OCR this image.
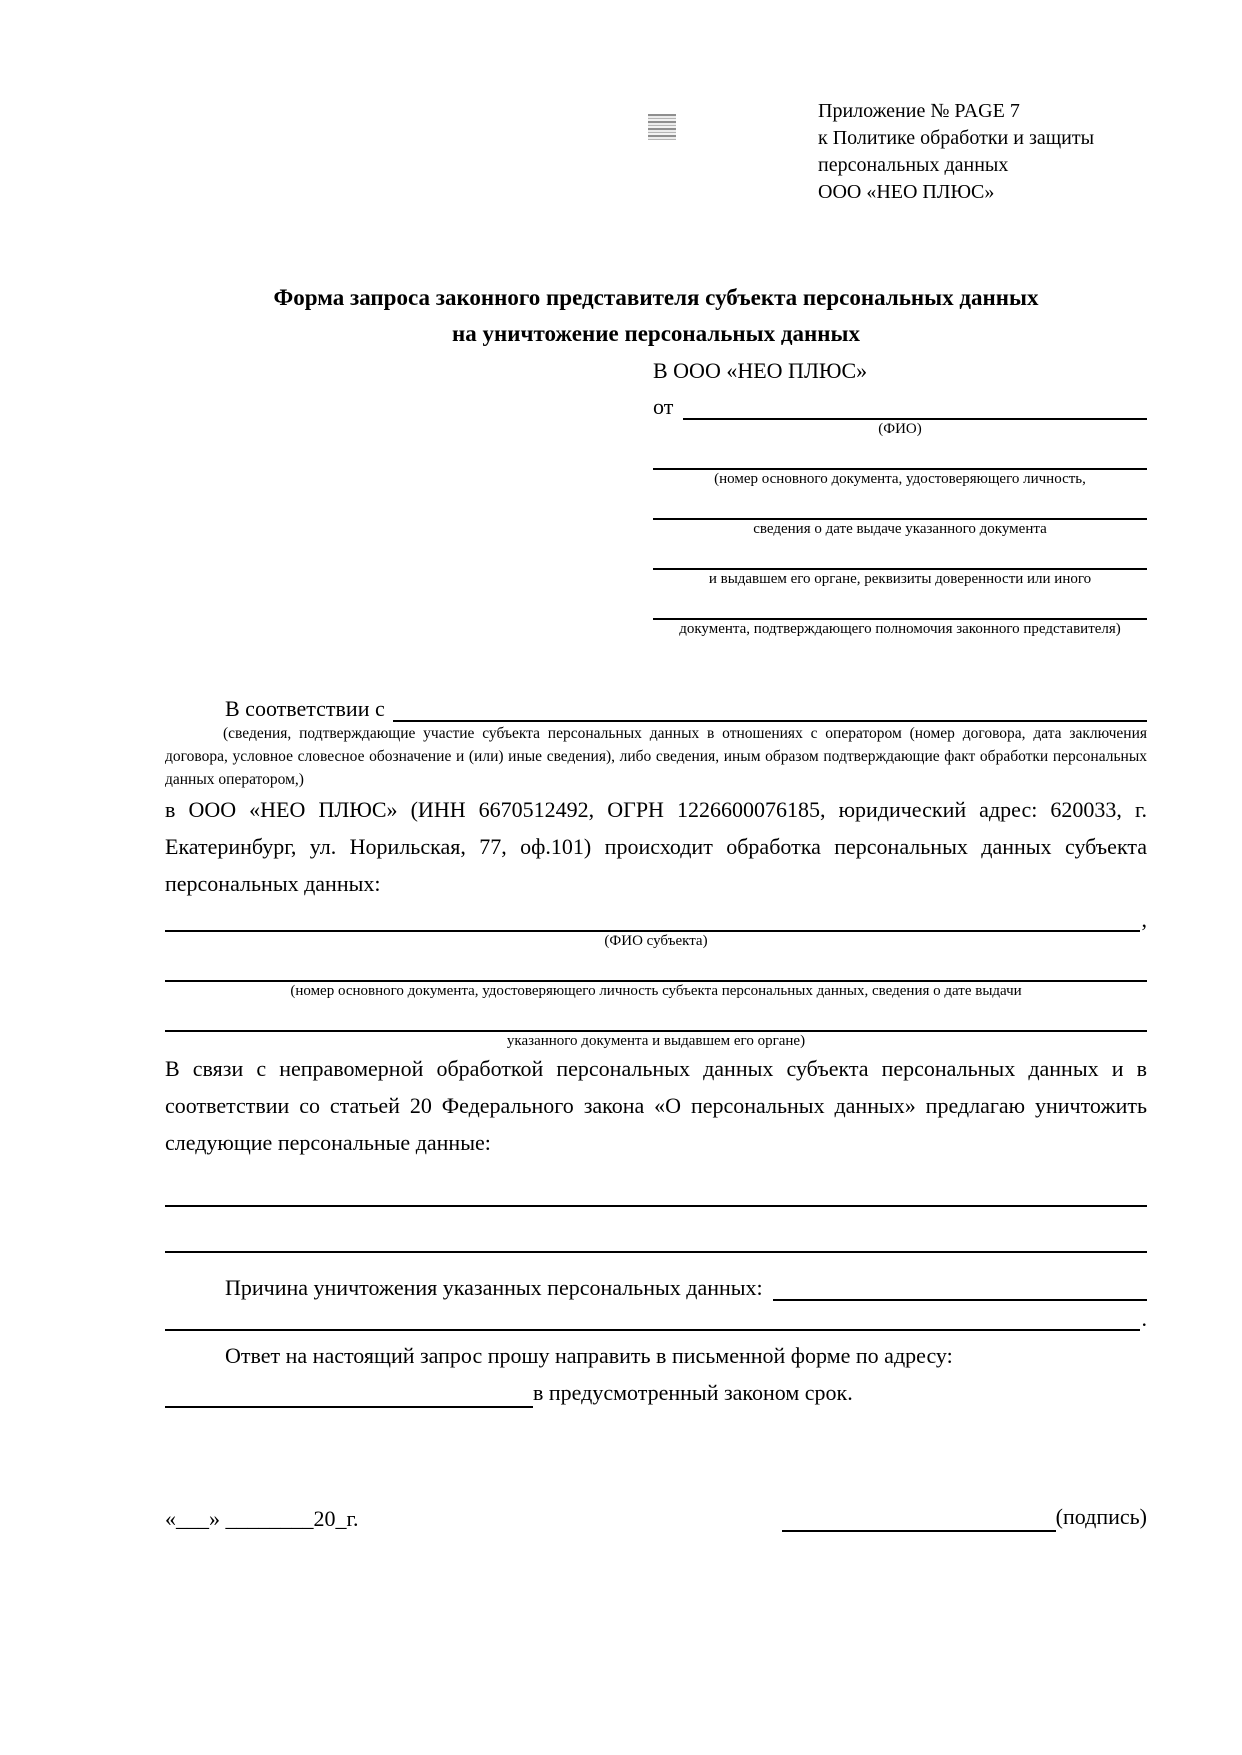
Приложение № PAGE 7
к Политике обработки и защиты
персональных данных
ООО «НЕО ПЛЮС»
Форма запроса законного представителя субъекта персональных данных
на уничтожение персональных данных
В ООО «НЕО ПЛЮС»
от
(ФИО)
(номер основного документа, удостоверяющего личность,
сведения о дате выдаче указанного документа
и выдавшем его органе, реквизиты доверенности или иного
документа, подтверждающего полномочия законного представителя)
В соответствии с
(сведения, подтверждающие участие субъекта персональных данных в отношениях с оператором (номер договора, дата заключения договора, условное словесное обозначение и (или) иные сведения), либо сведения, иным образом подтверждающие факт обработки персональных данных оператором,)
в ООО «НЕО ПЛЮС» (ИНН 6670512492, ОГРН 1226600076185, юридический адрес: 620033, г. Екатеринбург, ул. Норильская, 77, оф.101) происходит обработка персональных данных субъекта персональных данных:
,
(ФИО субъекта)
(номер основного документа, удостоверяющего личность субъекта персональных данных, сведения о дате выдачи
указанного документа и выдавшем его органе)
В связи с неправомерной обработкой персональных данных субъекта персональных данных и в соответствии со статьей 20 Федерального закона «О персональных данных» предлагаю уничтожить следующие персональные данные:
Причина уничтожения указанных персональных данных:
.
Ответ на настоящий запрос прошу направить в письменной форме по адресу:
в предусмотренный законом срок.
«___» ________20_г.	(подпись)
